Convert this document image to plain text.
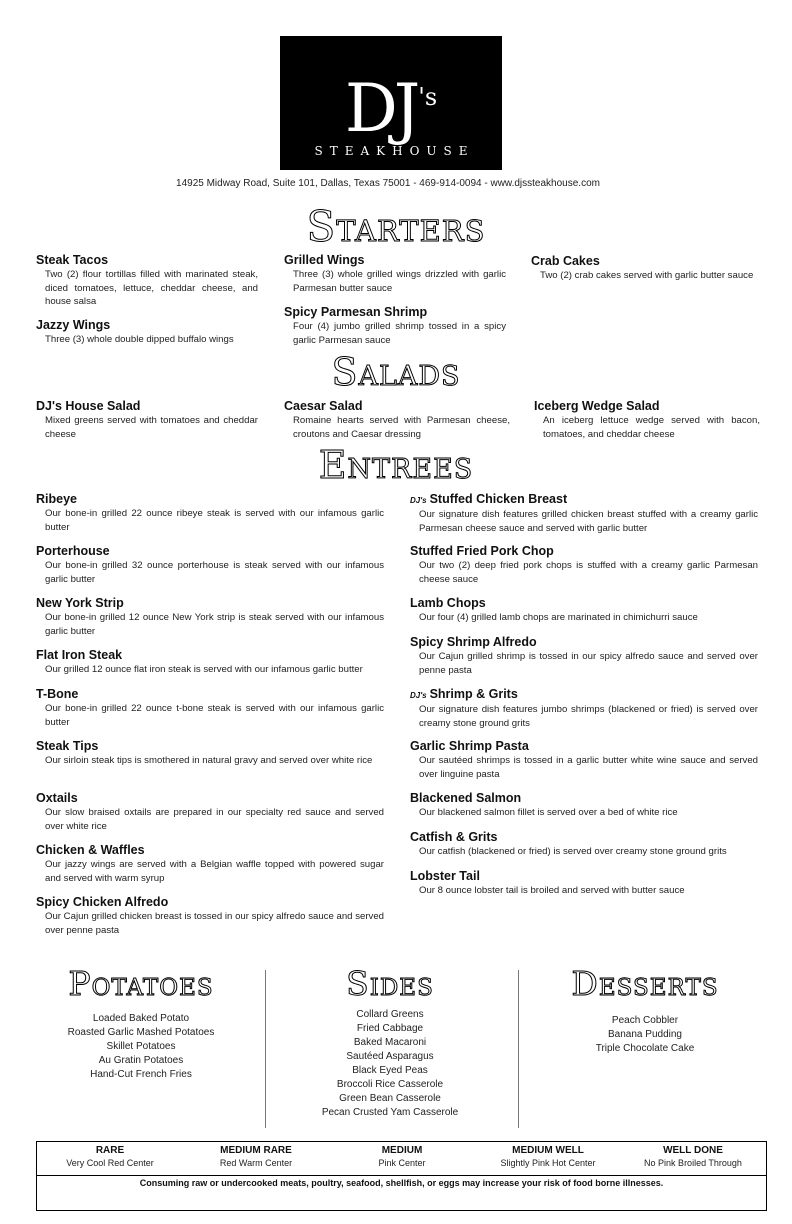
$DJ^{'s}$
STEAKHOUSE
14925 Midway Road, Suite 101, Dallas, Texas 75001 - 469-914-0094 - www.djssteakhouse.com
Starters
Steak Tacos
Two (2) flour tortillas filled with marinated steak, diced tomatoes, lettuce, cheddar cheese, and house salsa
Jazzy Wings
Three (3) whole double dipped buffalo wings
Grilled Wings
Three (3) whole grilled wings drizzled with garlic Parmesan butter sauce
Spicy Parmesan Shrimp
Four (4) jumbo grilled shrimp tossed in a spicy garlic Parmesan sauce
Crab Cakes
Two (2) crab cakes served with garlic butter sauce
Salads
DJ's House Salad
Mixed greens served with tomatoes and cheddar cheese
Caesar Salad
Romaine hearts served with Parmesan cheese, croutons and Caesar dressing
Iceberg Wedge Salad
An iceberg lettuce wedge served with bacon, tomatoes, and cheddar cheese
Entrees
Ribeye
Our bone-in grilled 22 ounce ribeye steak is served with our infamous garlic butter
Porterhouse
Our bone-in grilled 32 ounce porterhouse is steak served with our infamous garlic butter
New York Strip
Our bone-in grilled 12 ounce New York strip is steak served with our infamous garlic butter
Flat Iron Steak
Our grilled 12 ounce flat iron steak is served with our infamous garlic butter
T-Bone
Our bone-in grilled 22 ounce t-bone steak is served with our infamous garlic butter
Steak Tips
Our sirloin steak tips is smothered in natural gravy and served over white rice
Oxtails
Our slow braised oxtails are prepared in our specialty red sauce and served over white rice
Chicken & Waffles
Our jazzy wings are served with a Belgian waffle topped with powered sugar and served with warm syrup
Spicy Chicken Alfredo
Our Cajun grilled chicken breast is tossed in our spicy alfredo sauce and served over penne pasta
DJ's Stuffed Chicken Breast
Our signature dish features grilled chicken breast stuffed with a creamy garlic Parmesan cheese sauce and served with garlic butter
Stuffed Fried Pork Chop
Our two (2) deep fried pork chops is stuffed with a creamy garlic Parmesan cheese sauce
Lamb Chops
Our four (4) grilled lamb chops are marinated in chimichurri sauce
Spicy Shrimp Alfredo
Our Cajun grilled shrimp is tossed in our spicy alfredo sauce and served over penne pasta
DJ's Shrimp & Grits
Our signature dish features jumbo shrimps (blackened or fried) is served over creamy stone ground grits
Garlic Shrimp Pasta
Our sautéed shrimps is tossed in a garlic butter white wine sauce and served over linguine pasta
Blackened Salmon
Our blackened salmon fillet is served over a bed of white rice
Catfish & Grits
Our catfish (blackened or fried) is served over creamy stone ground grits
Lobster Tail
Our 8 ounce lobster tail is broiled and served with butter sauce
Potatoes
Loaded Baked Potato
Roasted Garlic Mashed Potatoes
Skillet Potatoes
Au Gratin Potatoes
Hand-Cut French Fries
Sides
Collard Greens
Fried Cabbage
Baked Macaroni
Sautéed Asparagus
Black Eyed Peas
Broccoli Rice Casserole
Green Bean Casserole
Pecan Crusted Yam Casserole
Desserts
Peach Cobbler
Banana Pudding
Triple Chocolate Cake
RARE
Very Cool Red Center
MEDIUM RARE
Red Warm Center
MEDIUM
Pink Center
MEDIUM WELL
Slightly Pink Hot Center
WELL DONE
No Pink Broiled Through
Consuming raw or undercooked meats, poultry, seafood, shellfish, or eggs may increase your risk of food borne illnesses.
